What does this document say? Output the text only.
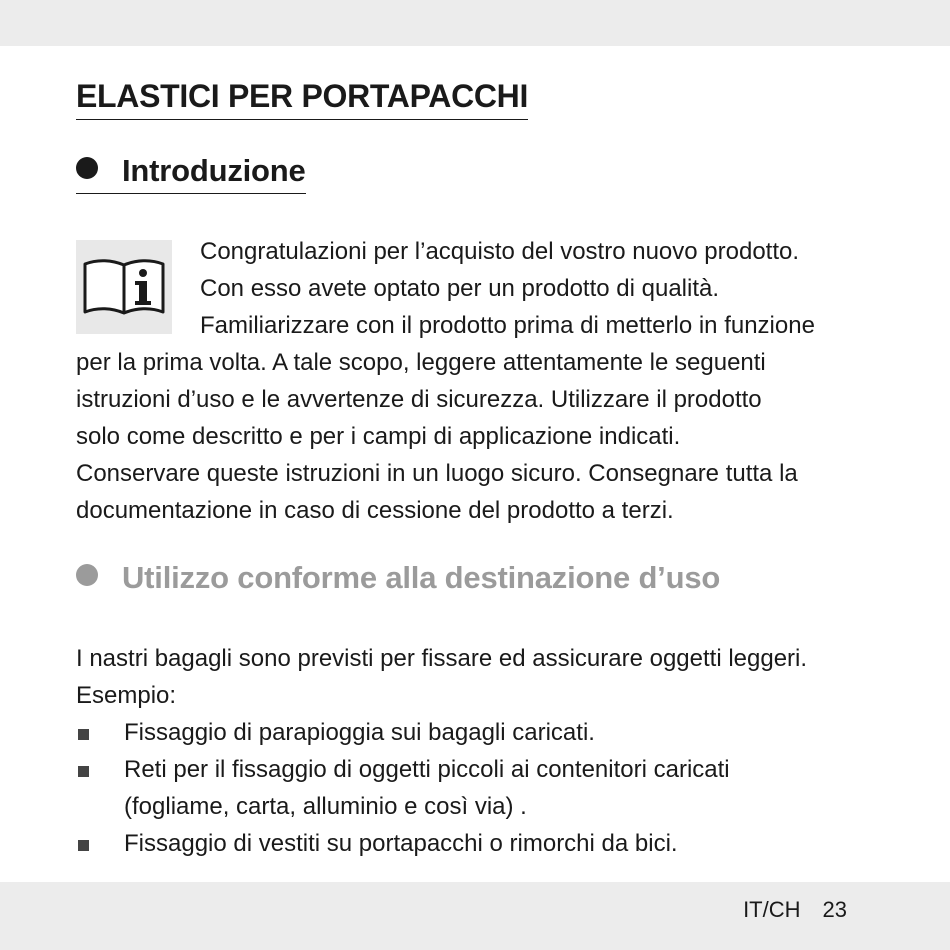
ELASTICI PER PORTAPACCHI
Introduzione
Congratulazioni per l’acquisto del vostro nuovo prodotto.
Con esso avete optato per un prodotto di qualità.
Familiarizzare con il prodotto prima di metterlo in funzione
per la prima volta. A tale scopo, leggere attentamente le seguenti
istruzioni d’uso e le avvertenze di sicurezza. Utilizzare il prodotto
solo come descritto e per i campi di applicazione indicati.
Conservare queste istruzioni in un luogo sicuro. Consegnare tutta la
documentazione in caso di cessione del prodotto a terzi.
Utilizzo conforme alla destinazione d’uso
I nastri bagagli sono previsti per fissare ed assicurare oggetti leggeri.
Esempio:
Fissaggio di parapioggia sui bagagli caricati.
Reti per il fissaggio di oggetti piccoli ai contenitori caricati
(fogliame, carta, alluminio e così via) .
Fissaggio di vestiti su portapacchi o rimorchi da bici.
IT/CH 23
